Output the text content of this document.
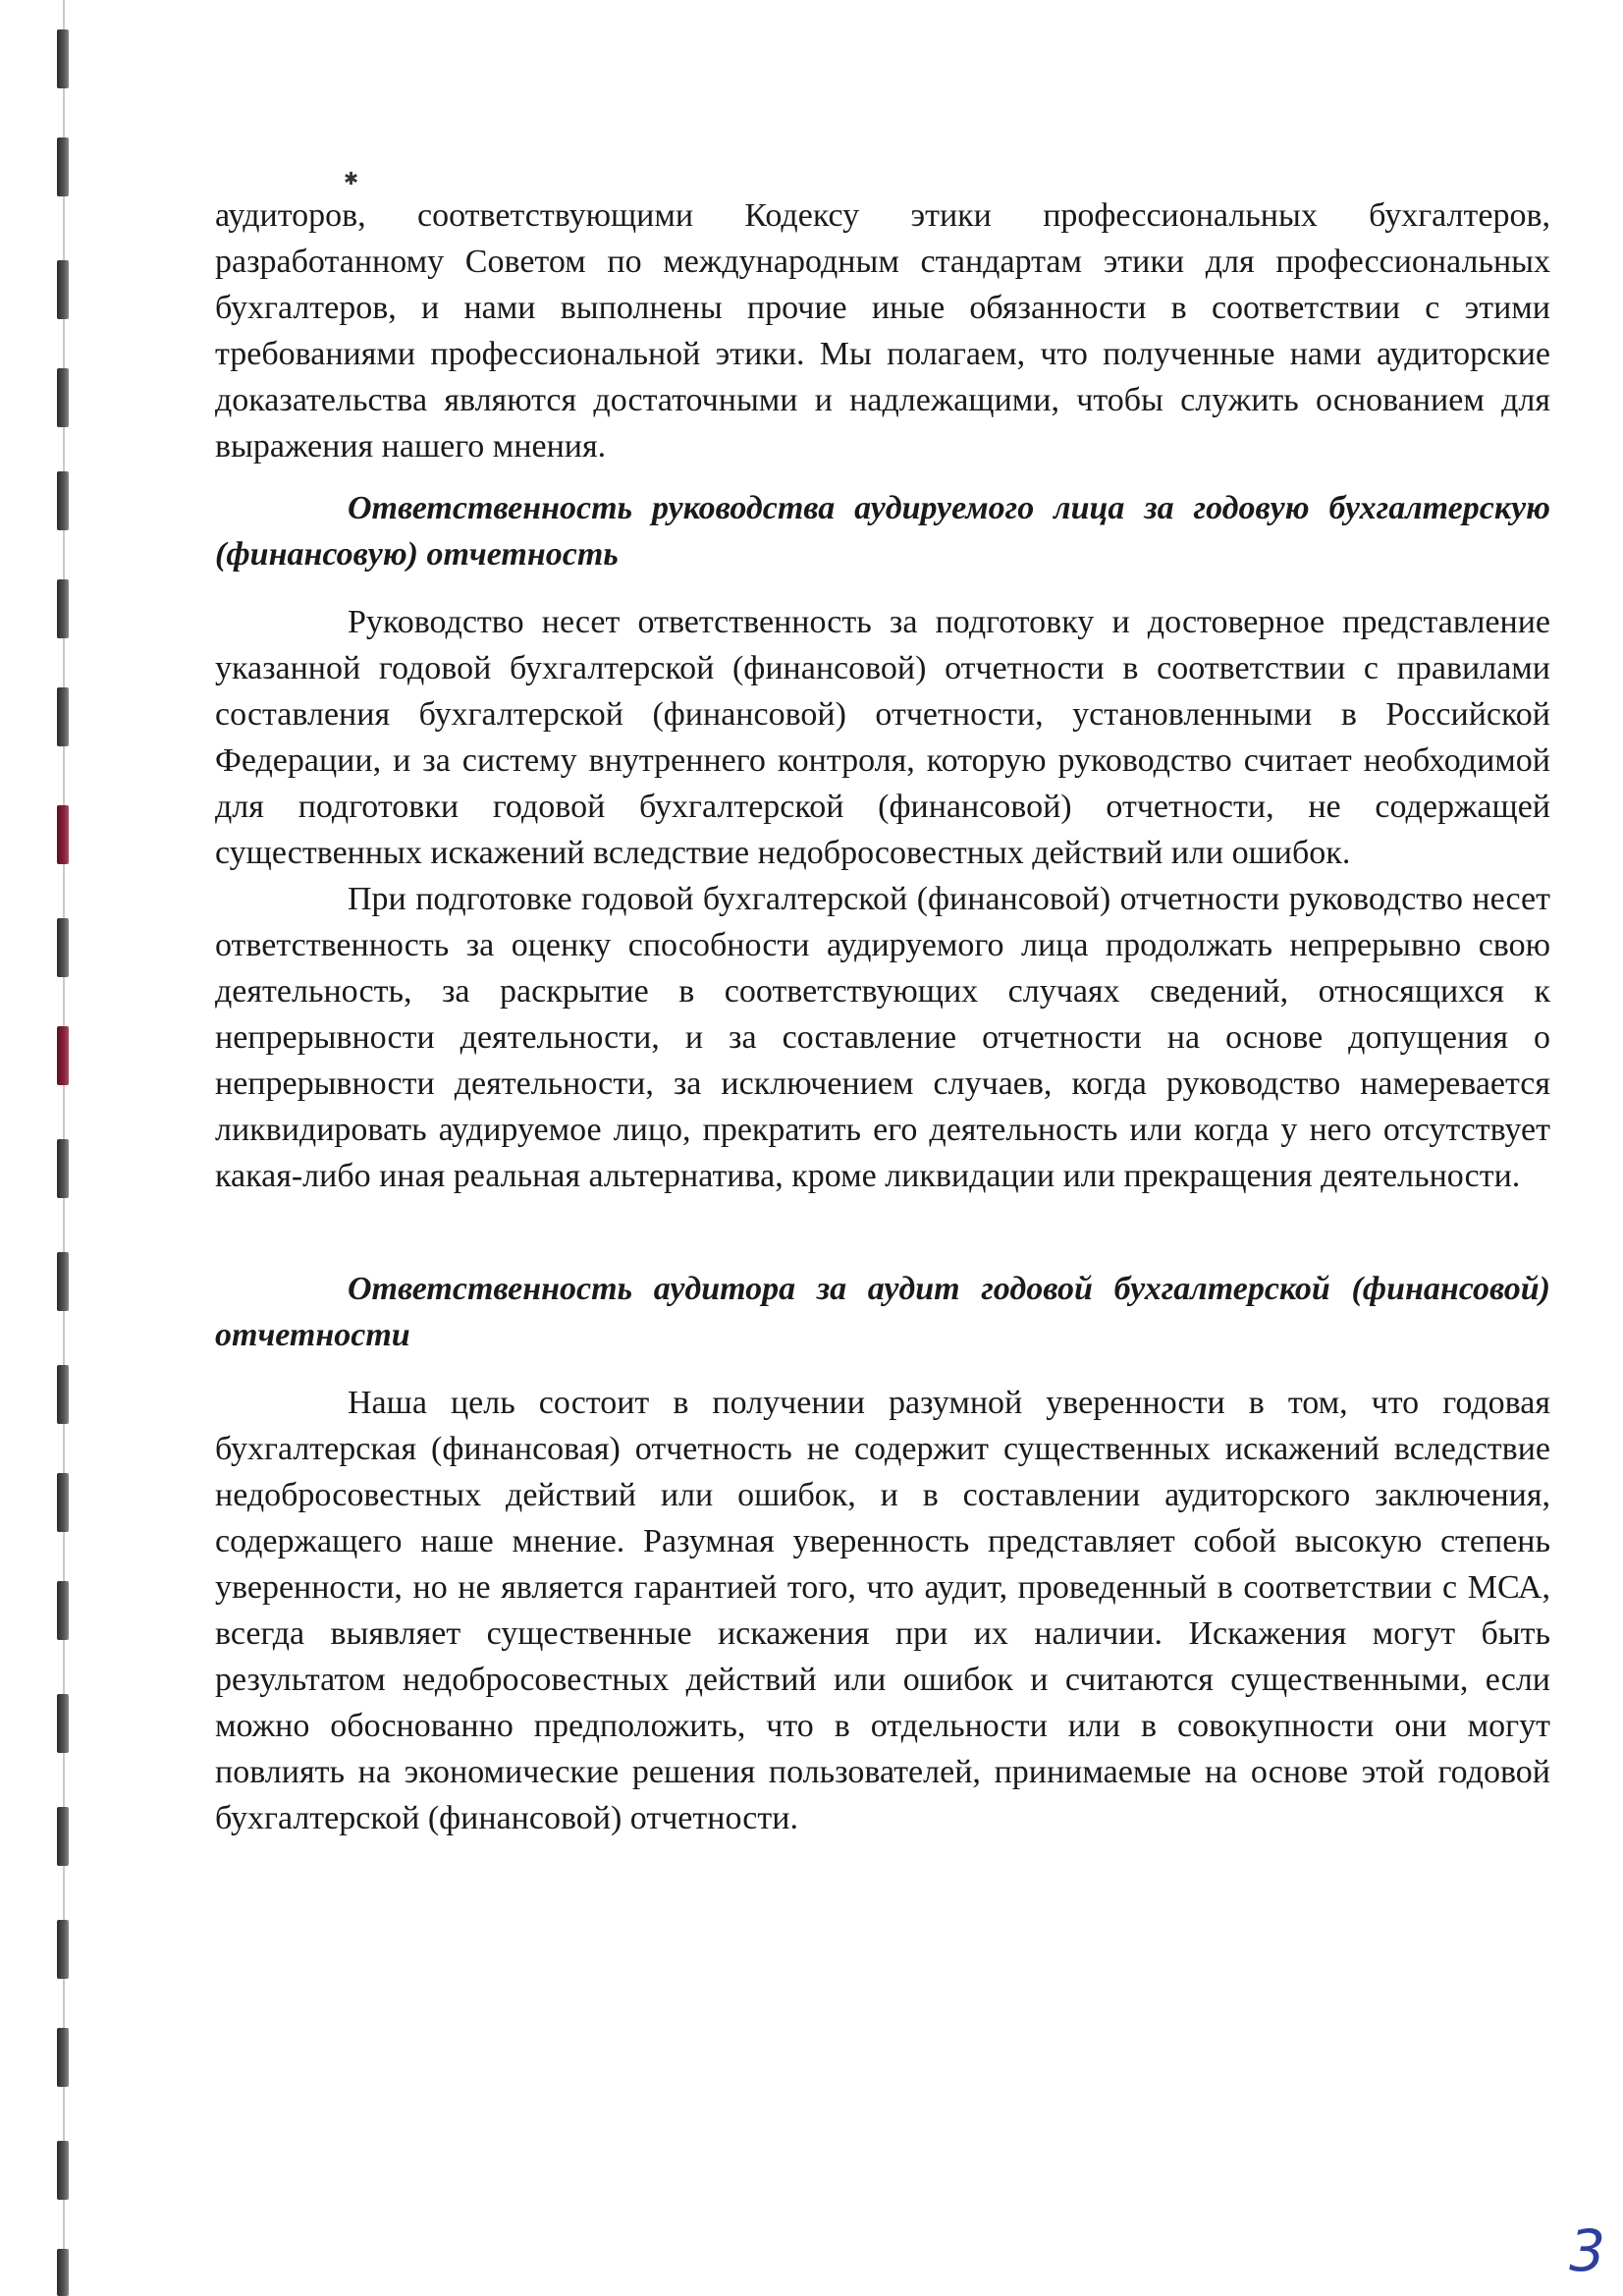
✱

аудиторов, соответствующими Кодексу этики профессиональных бухгалтеров, разработанному Советом по международным стандартам этики для профессиональных бухгалтеров, и нами выполнены прочие иные обязанности в соответствии с этими требованиями профессиональной этики. Мы полагаем, что полученные нами аудиторские доказательства являются достаточными и надлежащими, чтобы служить основанием для выражения нашего мнения.

Ответственность руководства аудируемого лица за годовую бухгалтерскую (финансовую) отчетность

Руководство несет ответственность за подготовку и достоверное представление указанной годовой бухгалтерской (финансовой) отчетности в соответствии с правилами составления бухгалтерской (финансовой) отчетности, установленными в Российской Федерации, и за систему внутреннего контроля, которую руководство считает необходимой для подготовки годовой бухгалтерской (финансовой) отчетности, не содержащей существенных искажений вследствие недобросовестных действий или ошибок.

При подготовке годовой бухгалтерской (финансовой) отчетности руководство несет ответственность за оценку способности аудируемого лица продолжать непрерывно свою деятельность, за раскрытие в соответствующих случаях сведений, относящихся к непрерывности деятельности, и за составление отчетности на основе допущения о непрерывности деятельности, за исключением случаев, когда руководство намеревается ликвидировать аудируемое лицо, прекратить его деятельность или когда у него отсутствует какая-либо иная реальная альтернатива, кроме ликвидации или прекращения деятельности.

Ответственность аудитора за аудит годовой бухгалтерской (финансовой) отчетности

Наша цель состоит в получении разумной уверенности в том, что годовая бухгалтерская (финансовая) отчетность не содержит существенных искажений вследствие недобросовестных действий или ошибок, и в составлении аудиторского заключения, содержащего наше мнение. Разумная уверенность представляет собой высокую степень уверенности, но не является гарантией того, что аудит, проведенный в соответствии с МСА, всегда выявляет существенные искажения при их наличии. Искажения могут быть результатом недобросовестных действий или ошибок и считаются существенными, если можно обоснованно предположить, что в отдельности или в совокупности они могут повлиять на экономические решения пользователей, принимаемые на основе этой годовой бухгалтерской (финансовой) отчетности.

3
